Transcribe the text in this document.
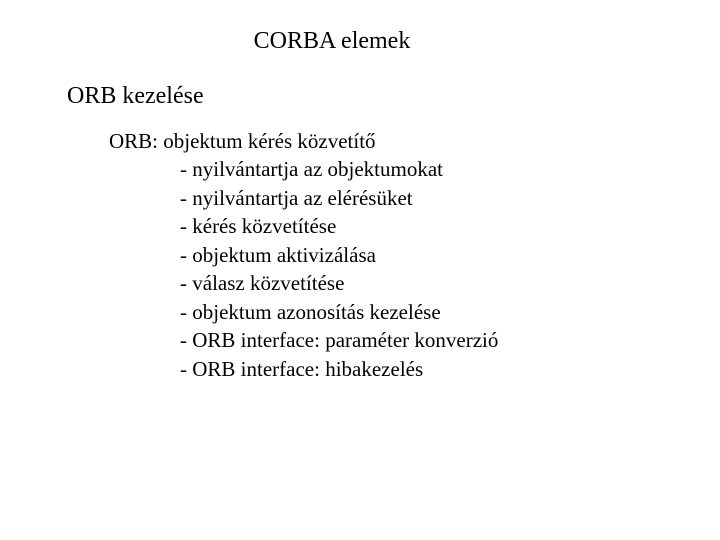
CORBA elemek
ORB kezelése

ORB: objektum kérés közvetítő

- nyilvántartja az objektumokat
- nyilvántartja az elérésüket
- kérés közvetítése
- objektum aktivizálása
- válasz közvetítése
- objektum azonosítás kezelése
- ORB interface: paraméter konverzió
- ORB interface: hibakezelés
